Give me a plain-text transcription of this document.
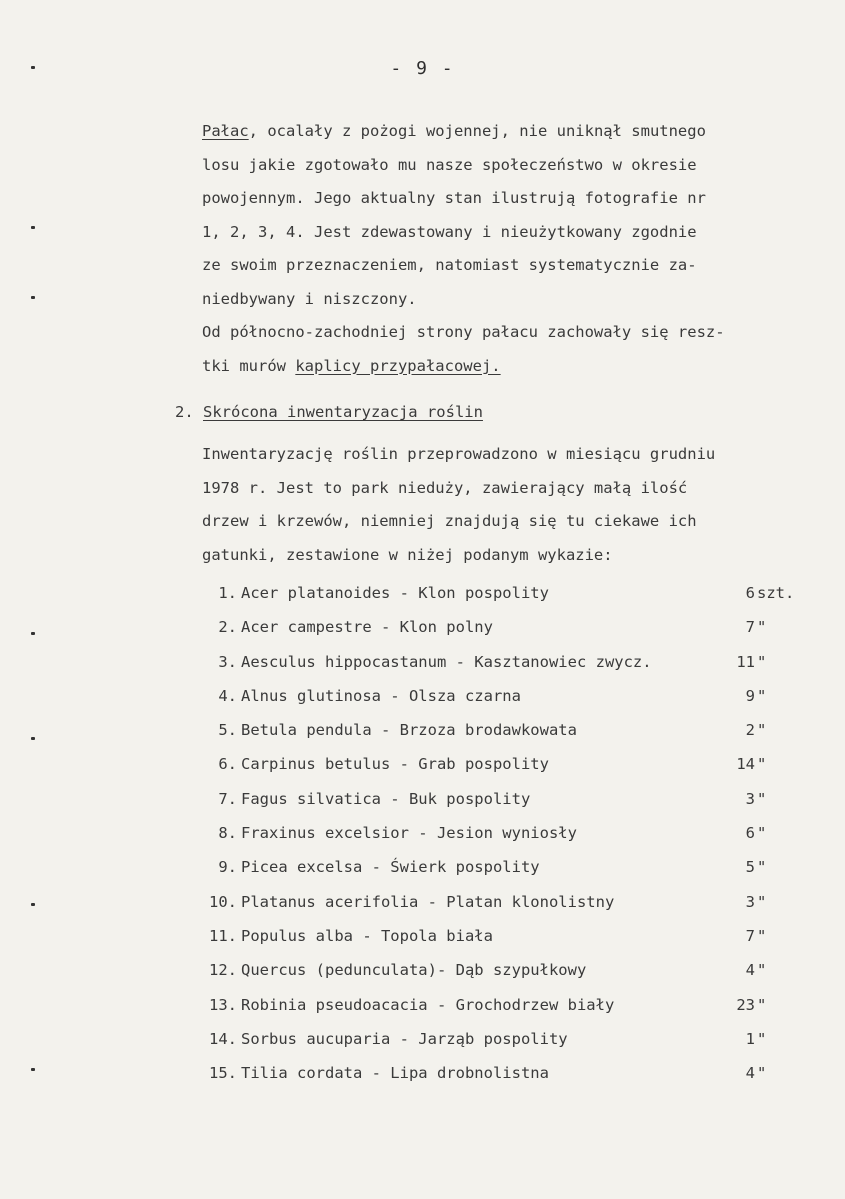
- 9 -
Pałac, ocalały z pożogi wojennej, nie uniknął smutnego
losu jakie zgotowało mu nasze społeczeństwo w okresie
powojennym. Jego aktualny stan ilustrują fotografie nr
1, 2, 3, 4. Jest zdewastowany i nieużytkowany zgodnie
ze swoim przeznaczeniem, natomiast systematycznie za-
niedbywany i niszczony.
Od północno-zachodniej strony pałacu zachowały się resz-
tki murów kaplicy przypałacowej.
2. Skrócona inwentaryzacja roślin
Inwentaryzację roślin przeprowadzono w miesiącu grudniu
1978 r. Jest to park nieduży, zawierający małą ilość
drzew i krzewów, niemniej znajdują się tu ciekawe ich
gatunki, zestawione w niżej podanym wykazie:
1. Acer platanoides - Klon pospolity	6 szt.
2. Acer campestre - Klon polny	7 "
3. Aesculus hippocastanum - Kasztanowiec zwycz.	11 "
4. Alnus glutinosa - Olsza czarna	9 "
5. Betula pendula - Brzoza brodawkowata	2 "
6. Carpinus betulus - Grab pospolity	14 "
7. Fagus silvatica - Buk pospolity	3 "
8. Fraxinus excelsior - Jesion wyniosły	6 "
9. Picea excelsa - Świerk pospolity	5 "
10. Platanus acerifolia - Platan klonolistny	3 "
11. Populus alba - Topola biała	7 "
12. Quercus (pedunculata)- Dąb szypułkowy	4 "
13. Robinia pseudoacacia - Grochodrzew biały	23 "
14. Sorbus aucuparia - Jarząb pospolity	1 "
15. Tilia cordata - Lipa drobnolistna	4 "
